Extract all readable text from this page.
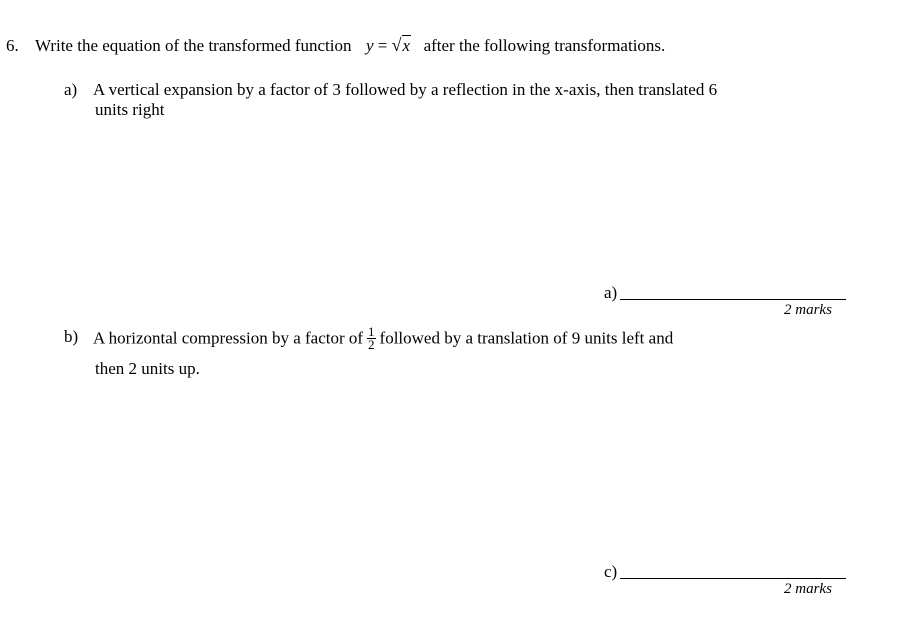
6. Write the equation of the transformed function y = √x after the following transformations.
a) A vertical expansion by a factor of 3 followed by a reflection in the x-axis, then translated 6
units right
a)
2 marks
b) A horizontal compression by a factor of $\frac{1}{2}$ followed by a translation of 9 units left and
then 2 units up.
c)
2 marks
